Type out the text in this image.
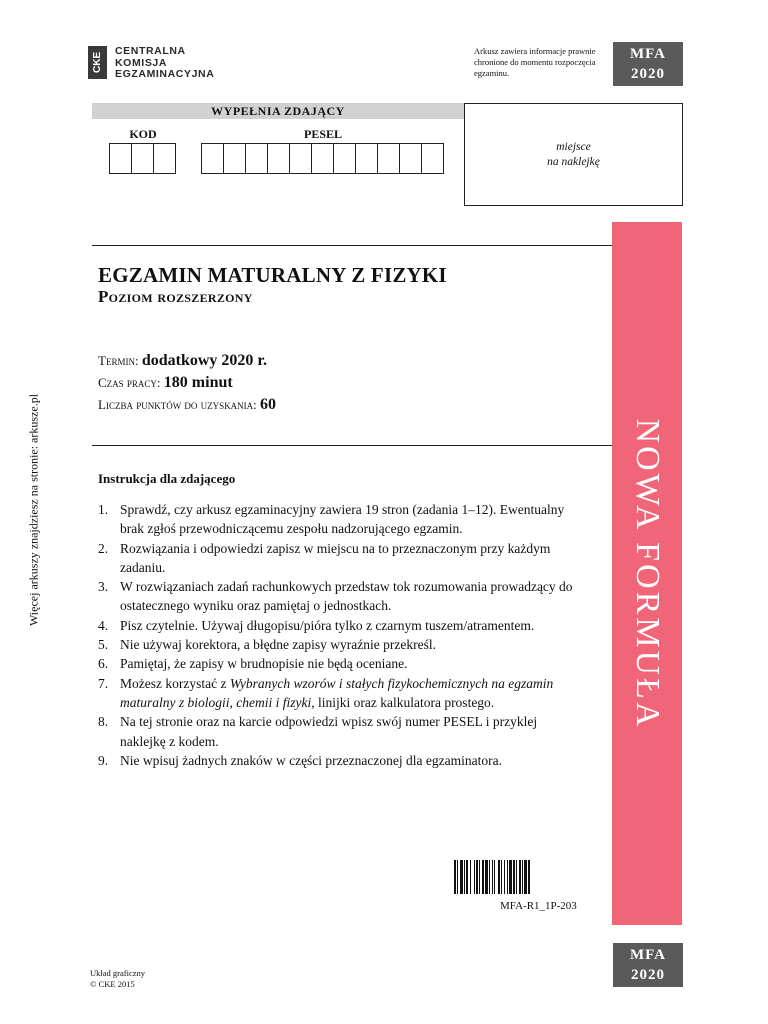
CKE
CENTRALNA
KOMISJA
EGZAMINACYJNA
Arkusz zawiera informacje prawnie chronione do momentu rozpoczęcia egzaminu.
MFA
2020
WYPEŁNIA ZDAJĄCY
KOD	PESEL
miejsce
na naklejkę
Więcej arkuszy znajdziesz na stronie: arkusze.pl	NOWA FORMUŁA
EGZAMIN MATURALNY Z FIZYKI
Poziom rozszerzony
Termin: dodatkowy 2020 r.
Czas pracy: 180 minut
Liczba punktów do uzyskania: 60
Instrukcja dla zdającego
1. Sprawdź, czy arkusz egzaminacyjny zawiera 19 stron (zadania 1–12). Ewentualny brak zgłoś przewodniczącemu zespołu nadzorującego egzamin.
2. Rozwiązania i odpowiedzi zapisz w miejscu na to przeznaczonym przy każdym zadaniu.
3. W rozwiązaniach zadań rachunkowych przedstaw tok rozumowania prowadzący do ostatecznego wyniku oraz pamiętaj o jednostkach.
4. Pisz czytelnie. Używaj długopisu/pióra tylko z czarnym tuszem/atramentem.
5. Nie używaj korektora, a błędne zapisy wyraźnie przekreśl.
6. Pamiętaj, że zapisy w brudnopisie nie będą oceniane.
7. Możesz korzystać z Wybranych wzorów i stałych fizykochemicznych na egzamin maturalny z biologii, chemii i fizyki, linijki oraz kalkulatora prostego.
8. Na tej stronie oraz na karcie odpowiedzi wpisz swój numer PESEL i przyklej naklejkę z kodem.
9. Nie wpisuj żadnych znaków w części przeznaczonej dla egzaminatora.
MFA-R1_1P-203
Układ graficzny
© CKE 2015
MFA
2020
